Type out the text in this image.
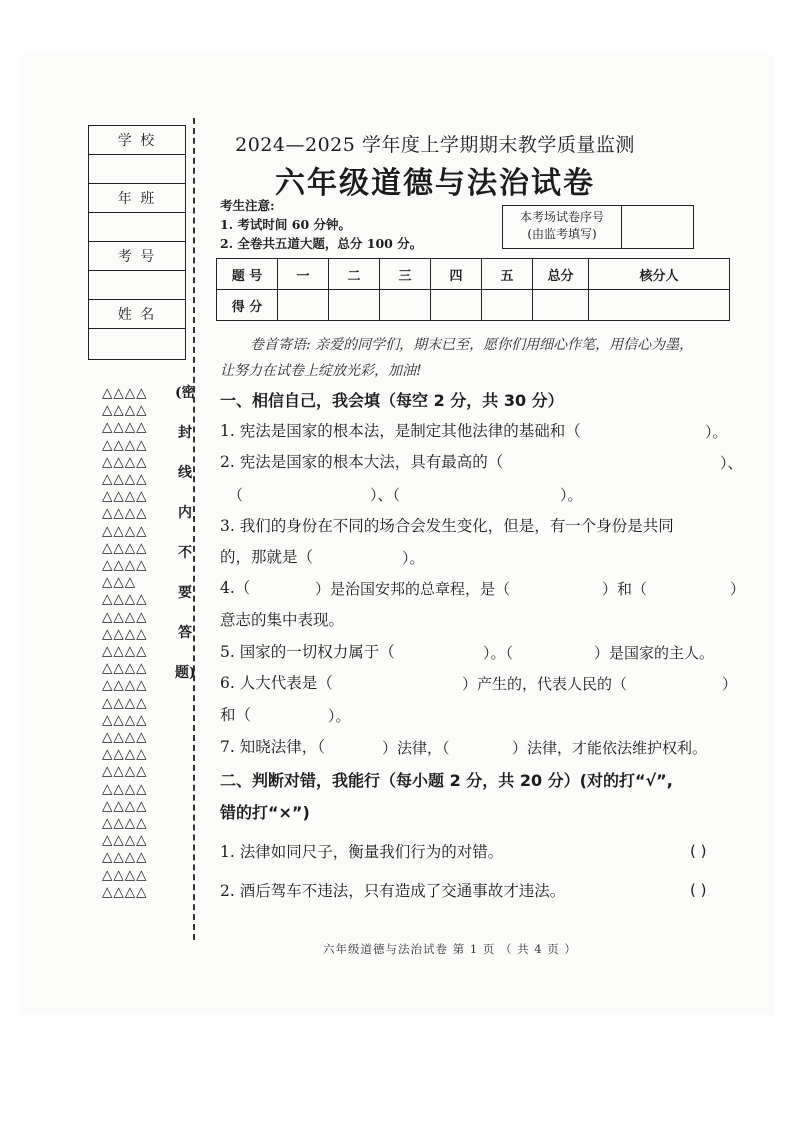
学 校

年 班

考 号

姓 名

△△△△
△△△△
△△△△
△△△△
△△△△
△△△△
△△△△
△△△△
△△△△
△△△△
△△△△
△△△
△△△△
△△△△
△△△△
△△△△
△△△△
△△△△
△△△△
△△△△
△△△△
△△△△
△△△△
△△△△
△△△△
△△△△
△△△△
△△△△
△△△△
△△△△
(密
封
线
内
不
要
答
题)
2024—2025 学年度上学期期末教学质量监测
六年级道德与法治试卷
考生注意:
1. 考试时间 60 分钟。
2. 全卷共五道大题，总分 100 分。
本考场试卷序号
(由监考填写)
题 号	一	二	三	四	五	总分	核分人
得 分							
卷首寄语: 亲爱的同学们，期末已至，愿你们用细心作笔，用信心为墨，
让努力在试卷上绽放光彩，加油!
一、相信自己，我会填（每空 2 分，共 30 分）
1. 宪法是国家的根本法，是制定其他法律的基础和（	）。
2. 宪法是国家的根本大法，具有最高的（	）、
（	）、（	）。
3. 我们的身份在不同的场合会发生变化，但是，有一个身份是共同
的，那就是（	）。
4.（	）是治国安邦的总章程，是（	）和（	）
意志的集中表现。
5. 国家的一切权力属于（	）。（	）是国家的主人。
6. 人大代表是（	）产生的，代表人民的（	）
和（	）。
7. 知晓法律，（	）法律，（	）法律，才能依法维护权利。
二、判断对错，我能行（每小题 2 分，共 20 分）(对的打“√”,
错的打“×”)
1. 法律如同尺子，衡量我们行为的对错。	( )
2. 酒后驾车不违法，只有造成了交通事故才违法。	( )
六年级道德与法治试卷 第 1 页 （ 共 4 页 ）
